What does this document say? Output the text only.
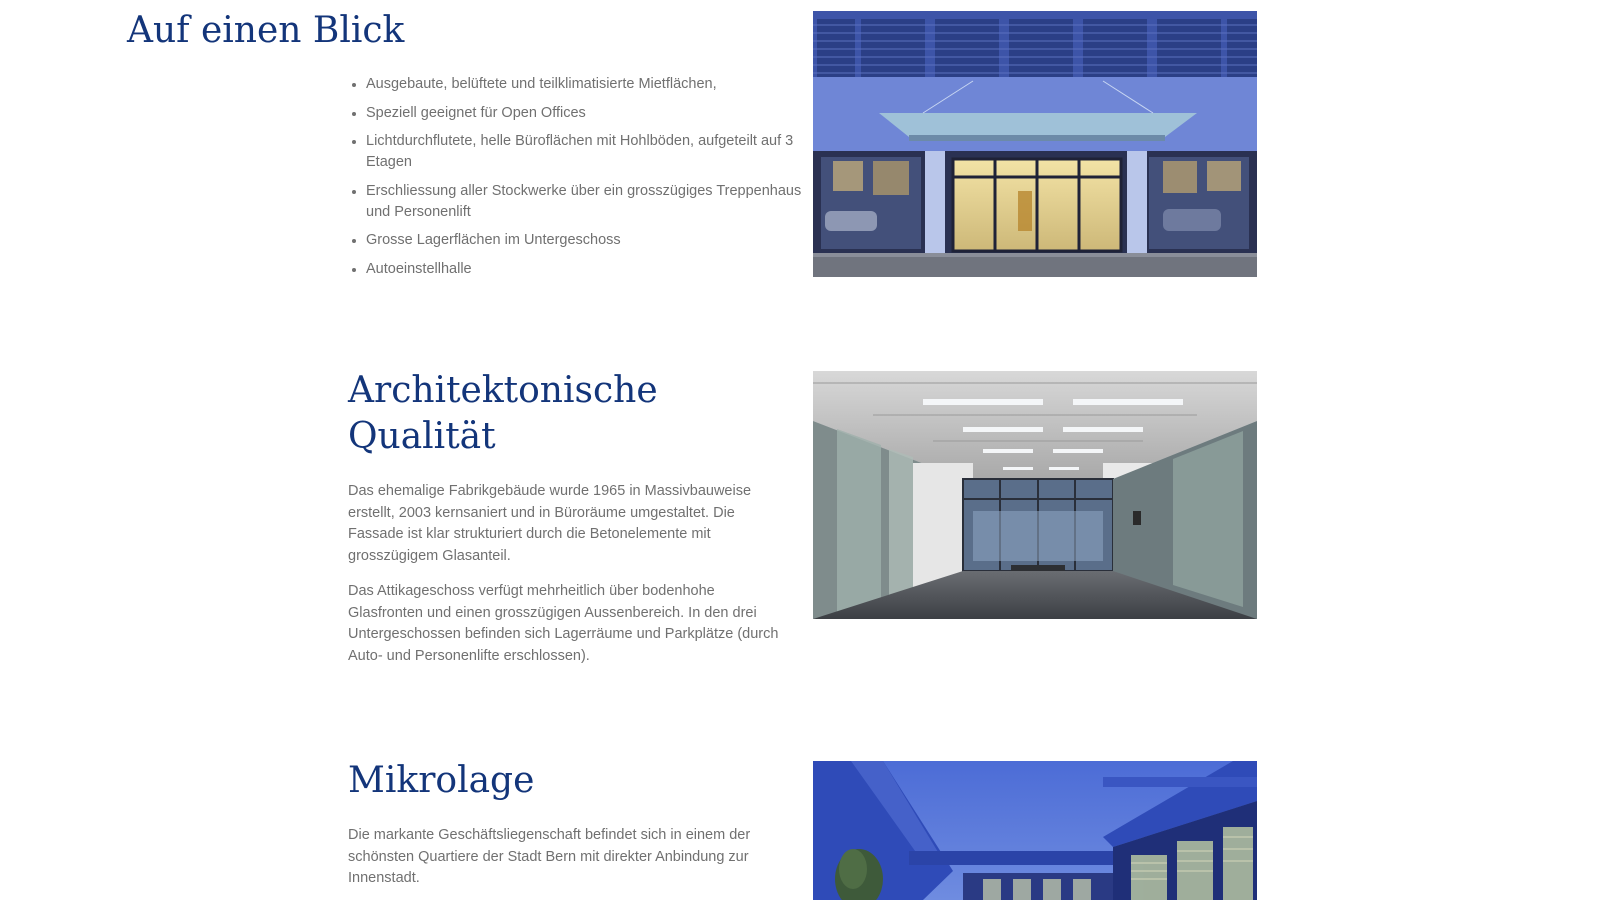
Auf einen Blick
• Ausgebaute, belüftete und teilklimatisierte Mietflächen,
• Speziell geeignet für Open Offices
• Lichtdurchflutete, helle Büroflächen mit Hohlböden, aufgeteilt auf 3 Etagen
• Erschliessung aller Stockwerke über ein grosszügiges Treppenhaus und Personenlift
• Grosse Lagerflächen im Untergeschoss
• Autoeinstellhalle
Architektonische
Qualität

Das ehemalige Fabrikgebäude wurde 1965 in Massivbauweise erstellt, 2003 kernsaniert und in Büroräume umgestaltet. Die Fassade ist klar strukturiert durch die Betonelemente mit grosszügigem Glasanteil.

Das Attikageschoss verfügt mehrheitlich über bodenhohe Glasfronten und einen grosszügigen Aussenbereich. In den drei Untergeschossen befinden sich Lagerräume und Parkplätze (durch Auto- und Personenlifte erschlossen).

Mikrolage

Die markante Geschäftsliegenschaft befindet sich in einem der schönsten Quartiere der Stadt Bern mit direkter Anbindung zur Innenstadt.
